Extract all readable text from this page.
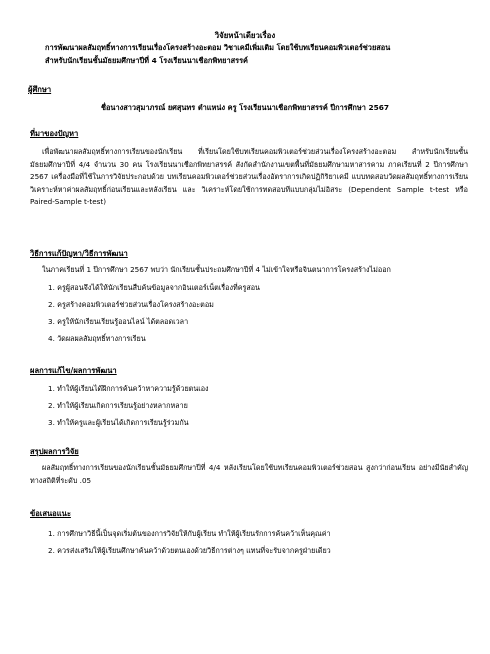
วิจัยหน้าเดียวเรื่อง
การพัฒนาผลสัมฤทธิ์ทางการเรียนเรื่องโครงสร้างอะตอม วิชาเคมีเพิ่มเติม โดยใช้บทเรียนคอมพิวเตอร์ช่วยสอน
สำหรับนักเรียนชั้นมัธยมศึกษาปีที่ 4 โรงเรียนนาเชือกพิทยาสรรค์
ผู้ศึกษา
ชื่อนางสาวสุมาภรณ์ ยศสุนทร ตำแหน่ง ครู โรงเรียนนาเชือกพิทยาสรรค์ ปีการศึกษา 2567
ที่มาของปัญหา
เพื่อพัฒนาผลสัมฤทธิ์ทางการเรียนของนักเรียน ที่เรียนโดยใช้บทเรียนคอมพิวเตอร์ช่วยส่วนเรื่องโครงสร้างอะตอม สำหรับนักเรียนชั้นมัธยมศึกษาปีที่ 4/4 จำนวน 30 คน โรงเรียนนาเชือกพิทยาสรรค์ สังกัดสำนักงานเขตพื้นที่มัธยมศึกษามหาสารคาม ภาคเรียนที่ 2 ปีการศึกษา 2567 เครื่องมือที่ใช้ในการวิจัยประกอบด้วย บทเรียนคอมพิวเตอร์ช่วยส่วนเรื่องอัตราการเกิดปฏิกิริยาเคมี แบบทดสอบวัดผลสัมฤทธิ์ทางการเรียน วิเคราะห์หาค่าผลสัมฤทธิ์ก่อนเรียนและหลังเรียน และ วิเคราะห์โดยใช้การทดสอบทีแบบกลุ่มไม่อิสระ (Dependent Sample t-test หรือ Paired-Sample t-test)
วิธีการแก้ปัญหา/วิธีการพัฒนา
ในภาคเรียนที่ 1 ปีการศึกษา 2567 พบว่า นักเรียนชั้นประถมศึกษาปีที่ 4 ไม่เข้าใจหรือจินตนาการโครงสร้างไม่ออก
1. ครูผู้สอนจึงได้ให้นักเรียนสืบค้นข้อมูลจากอินเตอร์เน็ตเรื่องที่ครูสอน
2. ครูสร้างคอมพิวเตอร์ช่วยส่วนเรื่องโครงสร้างอะตอม
3. ครูให้นักเรียนเรียนรู้ออนไลน์ ได้ตลอดเวลา
4. วัดผลผลสัมฤทธิ์ทางการเรียน
ผลการแก้ไข/ผลการพัฒนา
1. ทำให้ผู้เรียนได้ฝึกการค้นคว้าหาความรู้ด้วยตนเอง
2. ทำให้ผู้เรียนเกิดการเรียนรู้อย่างหลากหลาย
3. ทำให้ครูและผู้เรียนได้เกิดการเรียนรู้ร่วมกัน
สรุปผลการวิจัย
ผลสัมฤทธิ์ทางการเรียนของนักเรียนชั้นมัธยมศึกษาปีที่ 4/4 หลังเรียนโดยใช้บทเรียนคอมพิวเตอร์ช่วยสอน สูงกว่าก่อนเรียน อย่างมีนัยสำคัญทางสถิติที่ระดับ .05
ข้อเสนอแนะ
1. การศึกษาวิธีนี้เป็นจุดเริ่มต้นของการวิจัยให้กับผู้เรียน ทำให้ผู้เรียนรักการค้นคว้าเห็นคุณค่า
2. ควรส่งเสริมให้ผู้เรียนศึกษาค้นคว้าด้วยตนเองด้วยวิธีการต่างๆ แทนที่จะรับจากครูฝ่ายเดียว
